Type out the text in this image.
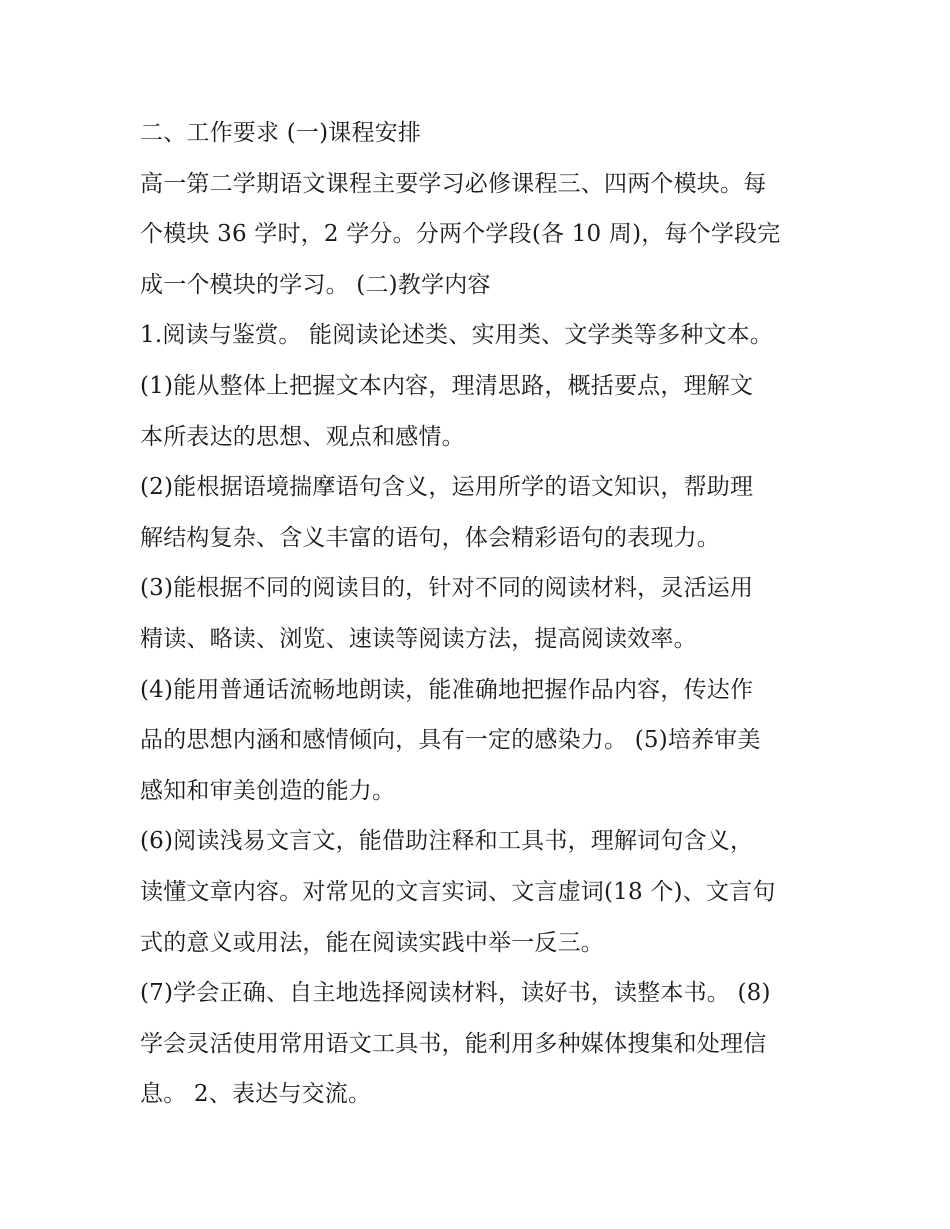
二、工作要求 (一)课程安排
高一第二学期语文课程主要学习必修课程三、四两个模块。每
个模块 36 学时，2 学分。分两个学段(各 10 周)，每个学段完
成一个模块的学习。 (二)教学内容
1.阅读与鉴赏。 能阅读论述类、实用类、文学类等多种文本。
(1)能从整体上把握文本内容，理清思路，概括要点，理解文
本所表达的思想、观点和感情。
(2)能根据语境揣摩语句含义，运用所学的语文知识，帮助理
解结构复杂、含义丰富的语句，体会精彩语句的表现力。
(3)能根据不同的阅读目的，针对不同的阅读材料，灵活运用
精读、略读、浏览、速读等阅读方法，提高阅读效率。
(4)能用普通话流畅地朗读，能准确地把握作品内容，传达作
品的思想内涵和感情倾向，具有一定的感染力。 (5)培养审美
感知和审美创造的能力。
(6)阅读浅易文言文，能借助注释和工具书，理解词句含义，
读懂文章内容。对常见的文言实词、文言虚词(18 个)、文言句
式的意义或用法，能在阅读实践中举一反三。
(7)学会正确、自主地选择阅读材料，读好书，读整本书。 (8)
学会灵活使用常用语文工具书，能利用多种媒体搜集和处理信
息。 2、表达与交流。
